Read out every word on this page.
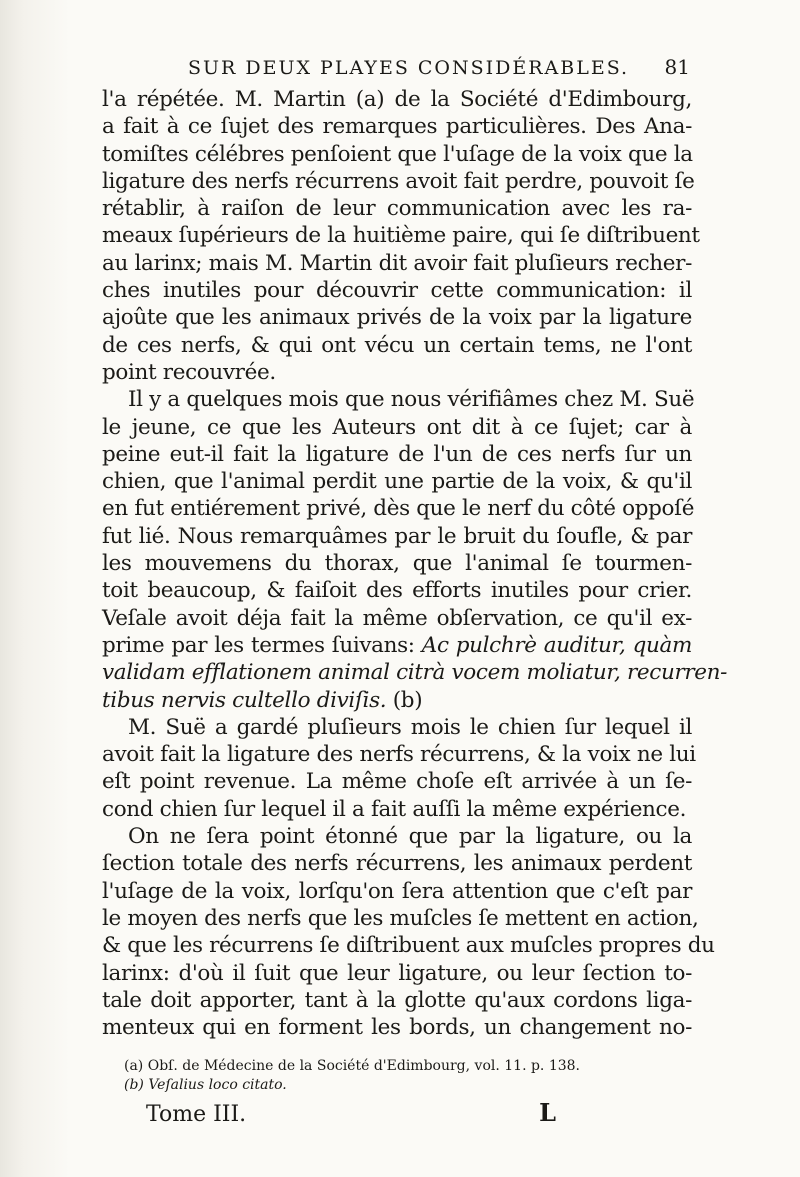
SUR DEUX PLAYES CONSIDÉRABLES. 81
l'a répétée. M. Martin (a) de la Société d'Edimbourg,
a fait à ce ſujet des remarques particulières. Des Ana-
tomiſtes célébres penſoient que l'uſage de la voix que la
ligature des nerfs récurrens avoit fait perdre, pouvoit ſe
rétablir, à raiſon de leur communication avec les ra-
meaux ſupérieurs de la huitième paire, qui ſe diſtribuent
au larinx; mais M. Martin dit avoir fait pluſieurs recher-
ches inutiles pour découvrir cette communication: il
ajoûte que les animaux privés de la voix par la ligature
de ces nerfs, & qui ont vécu un certain tems, ne l'ont
point recouvrée.
Il y a quelques mois que nous vérifiâmes chez M. Suë
le jeune, ce que les Auteurs ont dit à ce ſujet; car à
peine eut-il fait la ligature de l'un de ces nerfs ſur un
chien, que l'animal perdit une partie de la voix, & qu'il
en fut entiérement privé, dès que le nerf du côté oppoſé
fut lié. Nous remarquâmes par le bruit du ſoufle, & par
les mouvemens du thorax, que l'animal ſe tourmen-
toit beaucoup, & faiſoit des efforts inutiles pour crier.
Veſale avoit déja fait la même obſervation, ce qu'il ex-
prime par les termes ſuivans: Ac pulchrè auditur, quàm
validam efflationem animal citrà vocem moliatur, recurren-
tibus nervis cultello diviſis. (b)
M. Suë a gardé pluſieurs mois le chien ſur lequel il
avoit fait la ligature des nerfs récurrens, & la voix ne lui
eſt point revenue. La même choſe eſt arrivée à un ſe-
cond chien ſur lequel il a fait auſſi la même expérience.
On ne ſera point étonné que par la ligature, ou la
ſection totale des nerfs récurrens, les animaux perdent
l'uſage de la voix, lorſqu'on ſera attention que c'eſt par
le moyen des nerfs que les muſcles ſe mettent en action,
& que les récurrens ſe diſtribuent aux muſcles propres du
larinx: d'où il ſuit que leur ligature, ou leur ſection to-
tale doit apporter, tant à la glotte qu'aux cordons liga-
menteux qui en forment les bords, un changement no-
(a) Obſ. de Médecine de la Société d'Edimbourg, vol. 11. p. 138.
(b) Veſalius loco citato.
Tome III.	L
